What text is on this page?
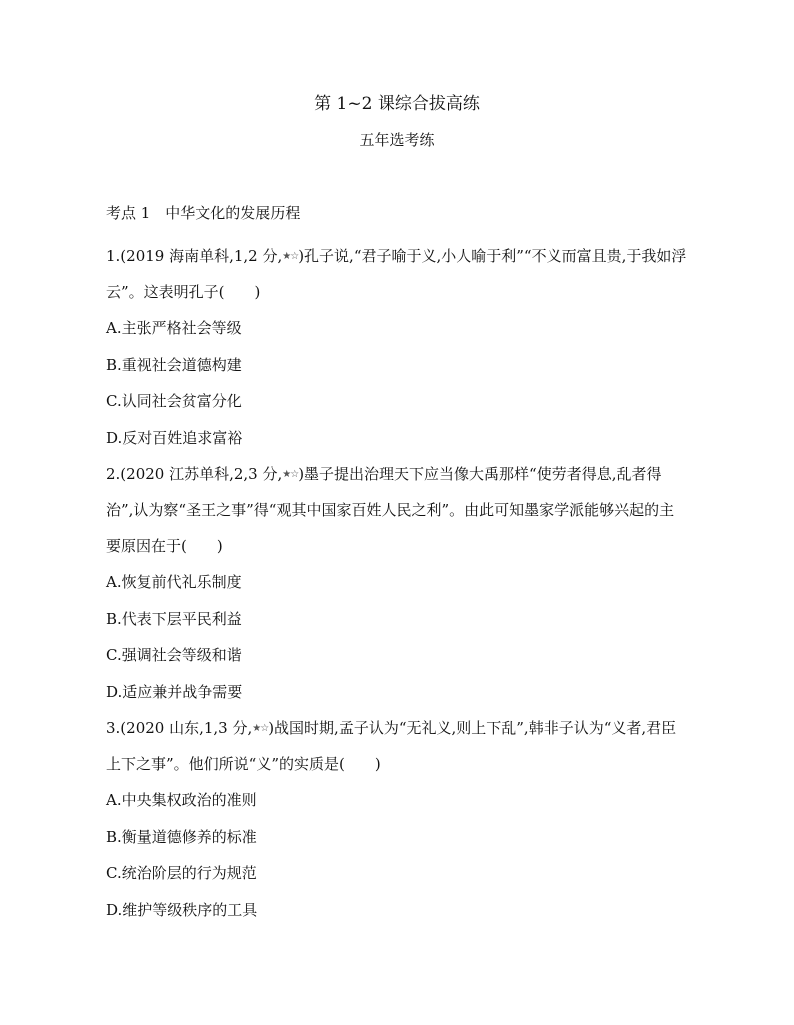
第 1~2 课综合拔高练
五年选考练
考点 1　中华文化的发展历程
1.(2019 海南单科,1,2 分,★☆)孔子说,“君子喻于义,小人喻于利”“不义而富且贵,于我如浮云”。这表明孔子(　　)
A.主张严格社会等级
B.重视社会道德构建
C.认同社会贫富分化
D.反对百姓追求富裕
2.(2020 江苏单科,2,3 分,★☆)墨子提出治理天下应当像大禹那样“使劳者得息,乱者得治”,认为察“圣王之事”得“观其中国家百姓人民之利”。由此可知墨家学派能够兴起的主要原因在于(　　)
A.恢复前代礼乐制度
B.代表下层平民利益
C.强调社会等级和谐
D.适应兼并战争需要
3.(2020 山东,1,3 分,★☆)战国时期,孟子认为“无礼义,则上下乱”,韩非子认为“义者,君臣上下之事”。他们所说“义”的实质是(　　)
A.中央集权政治的准则
B.衡量道德修养的标准
C.统治阶层的行为规范
D.维护等级秩序的工具
